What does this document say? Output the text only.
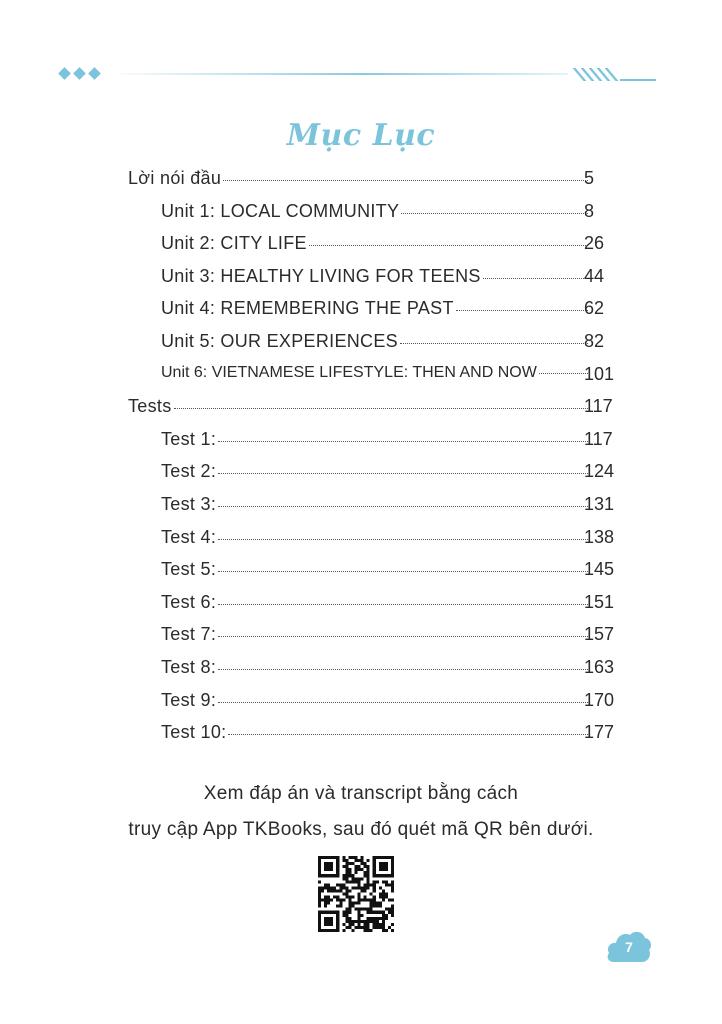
Mục Lục
Lời nói đầu	5
Unit 1: LOCAL COMMUNITY	8
Unit 2: CITY LIFE	26
Unit 3: HEALTHY LIVING FOR TEENS	44
Unit 4: REMEMBERING THE PAST	62
Unit 5: OUR EXPERIENCES	82
Unit 6: VIETNAMESE LIFESTYLE: THEN AND NOW	101
Tests	117
Test 1:	117
Test 2:	124
Test 3:	131
Test 4:	138
Test 5:	145
Test 6:	151
Test 7:	157
Test 8:	163
Test 9:	170
Test 10:	177
Xem đáp án và transcript bằng cách
truy cập App TKBooks, sau đó quét mã QR bên dưới.
7
